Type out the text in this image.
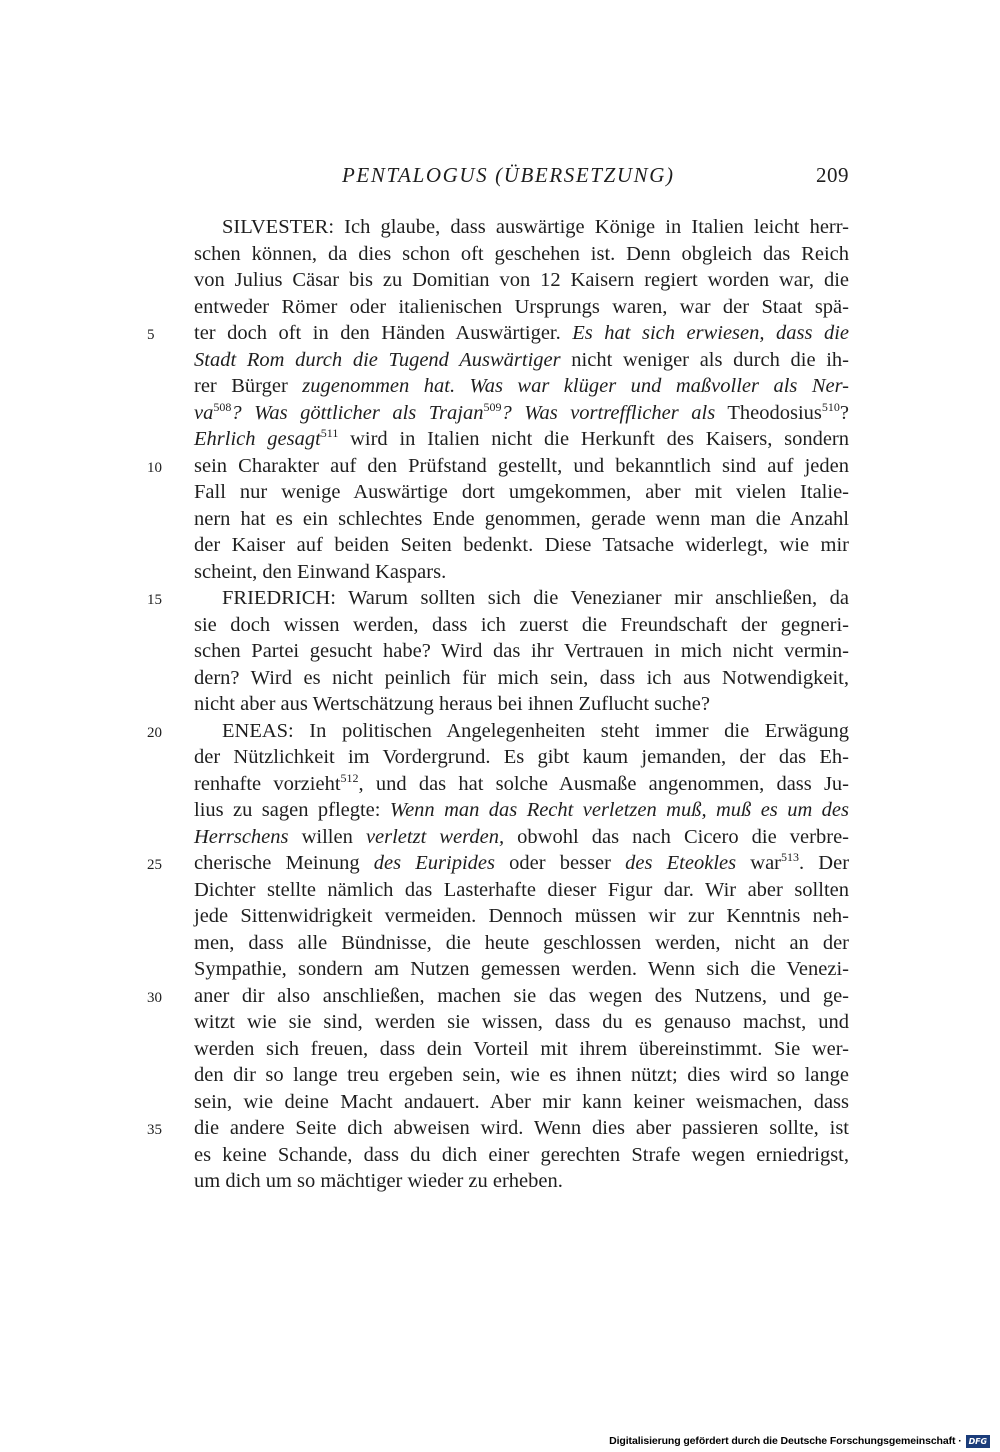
PENTALOGUS (ÜBERSETZUNG)	209
SILVESTER: Ich glaube, dass auswärtige Könige in Italien leicht herr-
schen können, da dies schon oft geschehen ist. Denn obgleich das Reich
von Julius Cäsar bis zu Domitian von 12 Kaisern regiert worden war, die
entweder Römer oder italienischen Ursprungs waren, war der Staat spä-
ter doch oft in den Händen Auswärtiger. Es hat sich erwiesen, dass die
5
Stadt Rom durch die Tugend Auswärtiger nicht weniger als durch die ih-
rer Bürger zugenommen hat. Was war klüger und maßvoller als Ner-
$va^{508}$? Was göttlicher als Trajan$^{509}$? Was vortrefflicher als Theodosius$^{510}$?
Ehrlich gesagt$^{511}$ wird in Italien nicht die Herkunft des Kaisers, sondern
sein Charakter auf den Prüfstand gestellt, und bekanntlich sind auf jeden
10
Fall nur wenige Auswärtige dort umgekommen, aber mit vielen Italie-
nern hat es ein schlechtes Ende genommen, gerade wenn man die Anzahl
der Kaiser auf beiden Seiten bedenkt. Diese Tatsache widerlegt, wie mir
scheint, den Einwand Kaspars.
FRIEDRICH: Warum sollten sich die Venezianer mir anschließen, da
15
sie doch wissen werden, dass ich zuerst die Freundschaft der gegneri-
schen Partei gesucht habe? Wird das ihr Vertrauen in mich nicht vermin-
dern? Wird es nicht peinlich für mich sein, dass ich aus Notwendigkeit,
nicht aber aus Wertschätzung heraus bei ihnen Zuflucht suche?
ENEAS: In politischen Angelegenheiten steht immer die Erwägung
20
der Nützlichkeit im Vordergrund. Es gibt kaum jemanden, der das Eh-
renhafte vorzieht$^{512}$, und das hat solche Ausmaße angenommen, dass Ju-
lius zu sagen pflegte: Wenn man das Recht verletzen muß, muß es um des
Herrschens willen verletzt werden, obwohl das nach Cicero die verbre-
cherische Meinung des Euripides oder besser des Eteokles war$^{513}$. Der
25
Dichter stellte nämlich das Lasterhafte dieser Figur dar. Wir aber sollten
jede Sittenwidrigkeit vermeiden. Dennoch müssen wir zur Kenntnis neh-
men, dass alle Bündnisse, die heute geschlossen werden, nicht an der
Sympathie, sondern am Nutzen gemessen werden. Wenn sich die Venezi-
aner dir also anschließen, machen sie das wegen des Nutzens, und ge-
30
witzt wie sie sind, werden sie wissen, dass du es genauso machst, und
werden sich freuen, dass dein Vorteil mit ihrem übereinstimmt. Sie wer-
den dir so lange treu ergeben sein, wie es ihnen nützt; dies wird so lange
sein, wie deine Macht andauert. Aber mir kann keiner weismachen, dass
die andere Seite dich abweisen wird. Wenn dies aber passieren sollte, ist
35
es keine Schande, dass du dich einer gerechten Strafe wegen erniedrigst,
um dich um so mächtiger wieder zu erheben.
Digitalisierung gefördert durch die Deutsche Forschungsgemeinschaft · DFG
